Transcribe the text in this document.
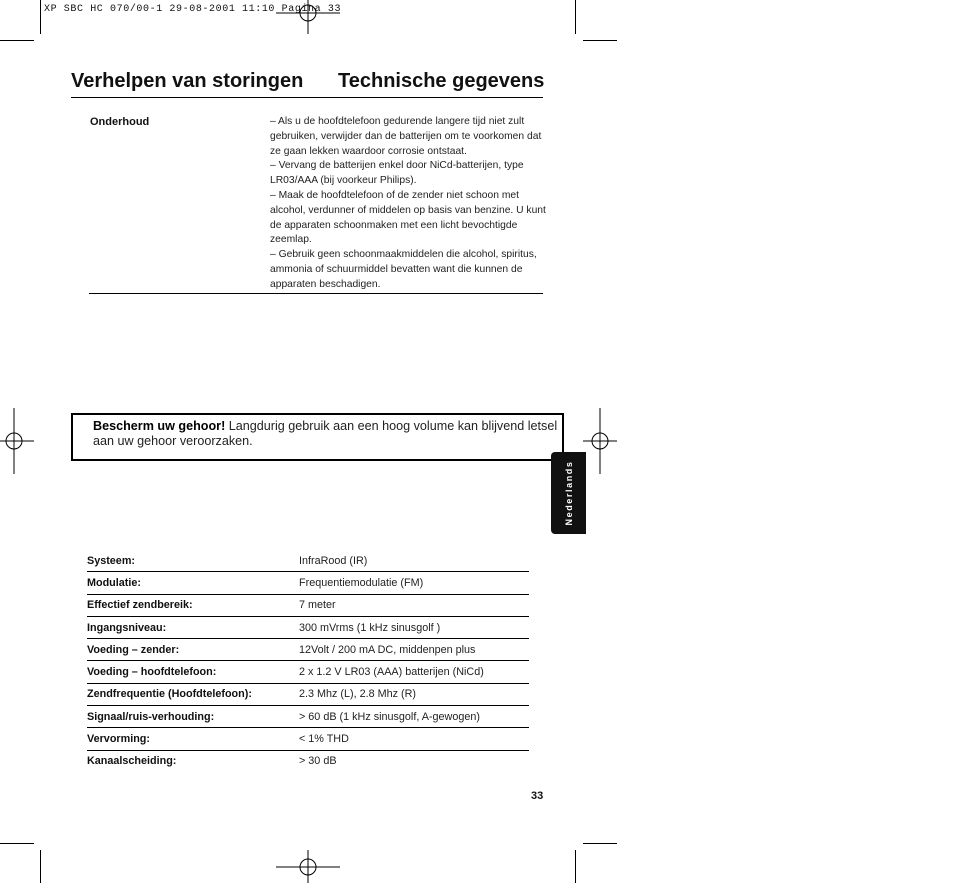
XP SBC HC 070/00-1 29-08-2001 11:10 Pagina 33
Verhelpen van storingen Technische gegevens
Onderhoud	– Als u de hoofdtelefoon gedurende langere tijd niet zult gebruiken, verwijder dan de batterijen om te voorkomen dat ze gaan lekken waardoor corrosie ontstaat.

– Vervang de batterijen enkel door NiCd-batterijen, type LR03/AAA (bij voorkeur Philips).

– Maak de hoofdtelefoon of de zender niet schoon met alcohol, verdunner of middelen op basis van benzine. U kunt de apparaten schoonmaken met een licht bevochtigde zeemlap.

– Gebruik geen schoonmaakmiddelen die alcohol, spiritus, ammonia of schuurmiddel bevatten want die kunnen de apparaten beschadigen.

Bescherm uw gehoor! Langdurig gebruik aan een hoog volume kan blijvend letsel aan uw gehoor veroorzaken.
Nederlands
Systeem:	InfraRood (IR)
Modulatie:	Frequentiemodulatie (FM)
Effectief zendbereik:	7 meter
Ingangsniveau:	300 mVrms (1 kHz sinusgolf )
Voeding – zender:	12Volt / 200 mA DC, middenpen plus
Voeding – hoofdtelefoon:	2 x 1.2 V LR03 (AAA) batterijen (NiCd)
Zendfrequentie (Hoofdtelefoon):	2.3 Mhz (L), 2.8 Mhz (R)
Signaal/ruis-verhouding:	> 60 dB (1 kHz sinusgolf, A-gewogen)
Vervorming:	< 1% THD
Kanaalscheiding:	> 30 dB
33
